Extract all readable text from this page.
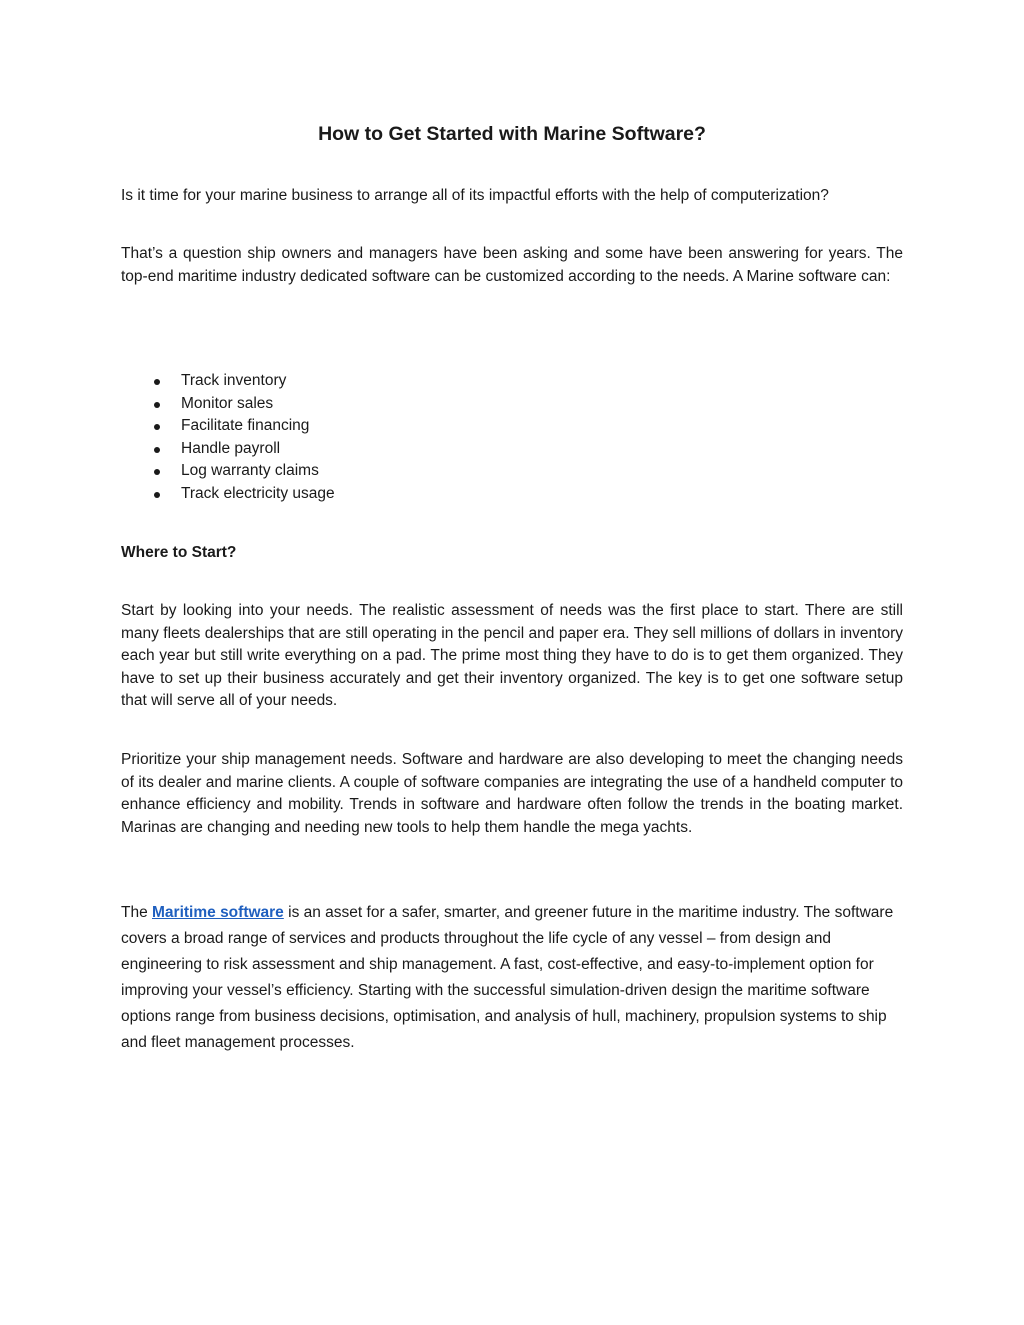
How to Get Started with Marine Software?

Is it time for your marine business to arrange all of its impactful efforts with the help of computerization?

That’s a question ship owners and managers have been asking and some have been answering for years. The top-end maritime industry dedicated software can be customized according to the needs. A Marine software can:

Track inventory
Monitor sales
Facilitate financing
Handle payroll
Log warranty claims
Track electricity usage
Where to Start?

Start by looking into your needs. The realistic assessment of needs was the first place to start. There are still many fleets dealerships that are still operating in the pencil and paper era. They sell millions of dollars in inventory each year but still write everything on a pad. The prime most thing they have to do is to get them organized. They have to set up their business accurately and get their inventory organized. The key is to get one software setup that will serve all of your needs.

Prioritize your ship management needs. Software and hardware are also developing to meet the changing needs of its dealer and marine clients. A couple of software companies are integrating the use of a handheld computer to enhance efficiency and mobility. Trends in software and hardware often follow the trends in the boating market. Marinas are changing and needing new tools to help them handle the mega yachts.

The Maritime software is an asset for a safer, smarter, and greener future in the maritime industry. The software covers a broad range of services and products throughout the life cycle of any vessel – from design and engineering to risk assessment and ship management. A fast, cost-effective, and easy-to-implement option for improving your vessel’s efficiency. Starting with the successful simulation-driven design the maritime software options range from business decisions, optimisation, and analysis of hull, machinery, propulsion systems to ship and fleet management processes.
